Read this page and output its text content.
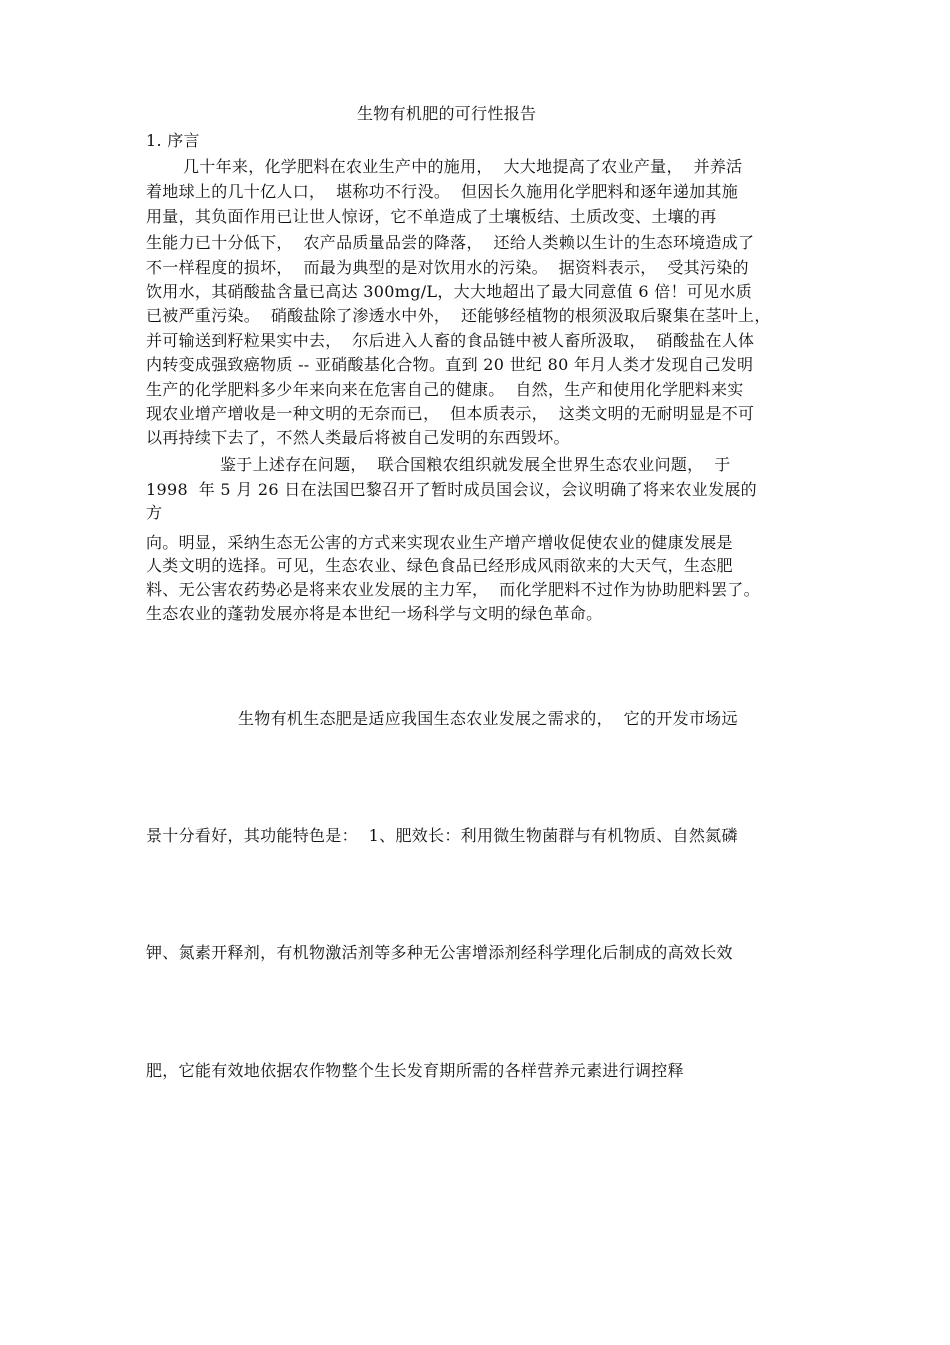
生物有机肥的可行性报告
1. 序言
几十年来，化学肥料在农业生产中的施用，  大大地提高了农业产量，  并养活
着地球上的几十亿人口，  堪称功不行没。  但因长久施用化学肥料和逐年递加其施
用量，其负面作用已让世人惊讶，它不单造成了土壤板结、土质改变、土壤的再
生能力已十分低下，  农产品质量品尝的降落，  还给人类赖以生计的生态环境造成了
不一样程度的损坏，  而最为典型的是对饮用水的污染。  据资料表示，  受其污染的
饮用水，其硝酸盐含量已高达 300mg/L，大大地超出了最大同意值 6 倍！可见水质
已被严重污染。  硝酸盐除了渗透水中外，  还能够经植物的根须汲取后聚集在茎叶上，
并可输送到籽粒果实中去，  尔后进入人畜的食品链中被人畜所汲取，  硝酸盐在人体
内转变成强致癌物质 -- 亚硝酸基化合物。直到 20 世纪 80 年月人类才发现自己发明
生产的化学肥料多少年来向来在危害自己的健康。  自然，生产和使用化学肥料来实
现农业增产增收是一种文明的无奈而已，  但本质表示，  这类文明的无耐明显是不可
以再持续下去了，不然人类最后将被自己发明的东西毁坏。
鉴于上述存在问题，  联合国粮农组织就发展全世界生态农业问题，  于
1998  年 5 月 26 日在法国巴黎召开了暂时成员国会议，会议明确了将来农业发展的
方
向。明显，采纳生态无公害的方式来实现农业生产增产增收促使农业的健康发展是
人类文明的选择。可见，生态农业、绿色食品已经形成风雨欲来的大天气，生态肥
料、无公害农药势必是将来农业发展的主力军，  而化学肥料不过作为协助肥料罢了。
生态农业的蓬勃发展亦将是本世纪一场科学与文明的绿色革命。
生物有机生态肥是适应我国生态农业发展之需求的，  它的开发市场远
景十分看好，其功能特色是：  1、肥效长：利用微生物菌群与有机物质、自然氮磷
钾、氮素开释剂，有机物激活剂等多种无公害增添剂经科学理化后制成的高效长效
肥，它能有效地依据农作物整个生长发育期所需的各样营养元素进行调控释
